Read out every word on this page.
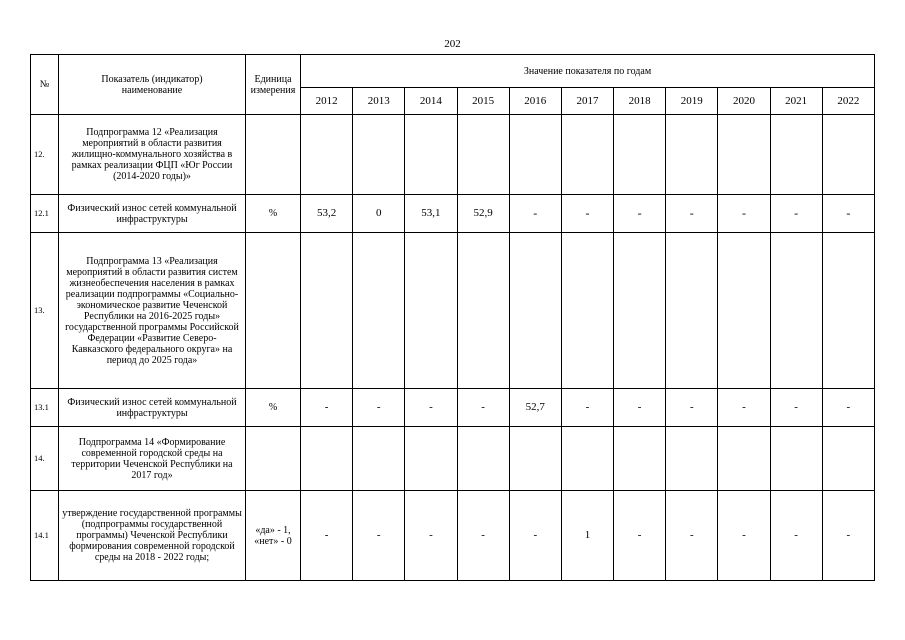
202
№	Показатель (индикатор) наименование	Единица измерения	Значение показателя по годам										
			2012	2013	2014	2015	2016	2017	2018	2019	2020	2021	2022
12.	Подпрограмма 12 «Реализация мероприятий в области развития жилищно-коммунального хозяйства в рамках реализации ФЦП «Юг России (2014-2020 годы)»												
12.1	Физический износ сетей коммунальной инфраструктуры	%	53,2	0	53,1	52,9	-	-	-	-	-	-	-
13.	Подпрограмма 13 «Реализация мероприятий в области развития систем жизнеобеспечения населения в рамках реализации подпрограммы «Социально-экономическое развитие Чеченской Республики на 2016-2025 годы» государственной программы Российской Федерации «Развитие Северо-Кавказского федерального округа» на период до 2025 года»												
13.1	Физический износ сетей коммунальной инфраструктуры	%	-	-	-	-	52,7	-	-	-	-	-	-
14.	Подпрограмма 14 «Формирование современной городской среды на территории Чеченской Республики на 2017 год»												
14.1	утверждение государственной программы (подпрограммы государственной программы) Чеченской Республики формирования современной городской среды на 2018 - 2022 годы;	«да» - 1, «нет» - 0	-	-	-	-	-	1	-	-	-	-	-
